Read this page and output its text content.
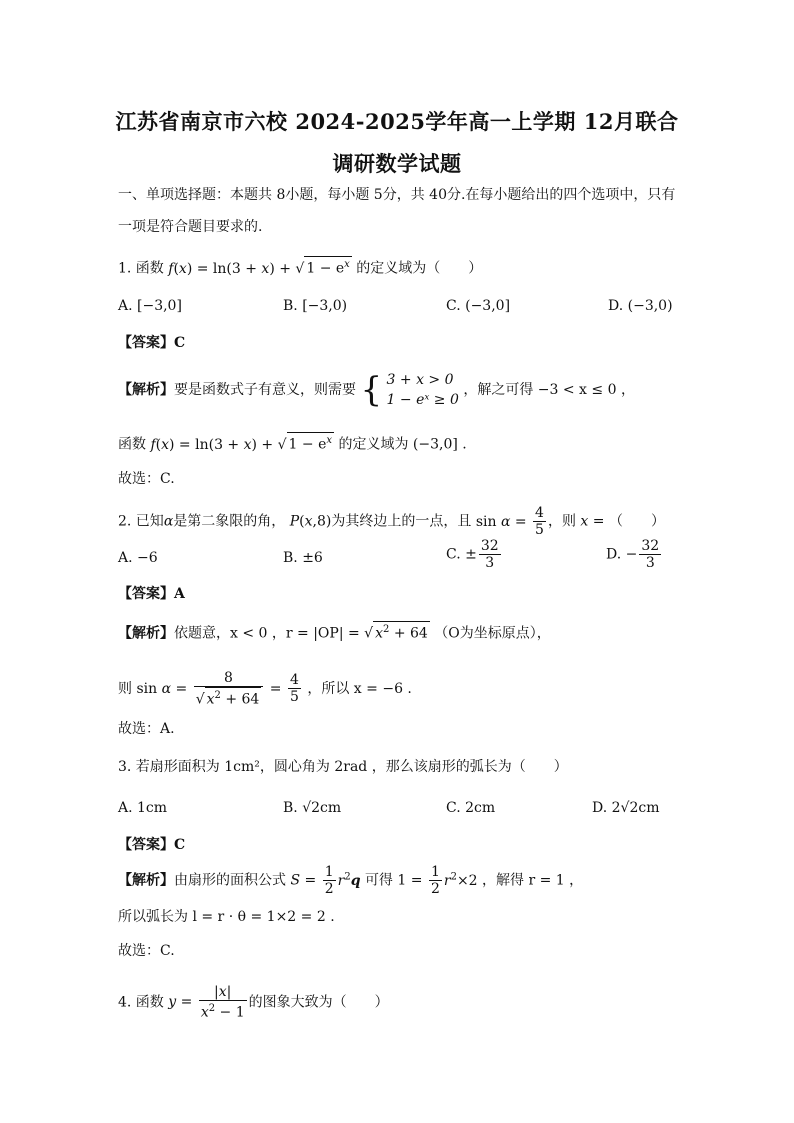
江苏省南京市六校 2024-2025学年高一上学期 12月联合
调研数学试题
一、单项选择题：本题共 8小题，每小题 5分，共 40分.在每小题给出的四个选项中，只有
一项是符合题目要求的.
1. 函数 f(x) = ln(3 + x) + √ $1 - e^x$ 的定义域为（　　）
A. [−3,0]	B. [−3,0)	C. (−3,0]	D. (−3,0)
【答案】C
【解析】要是函数式子有意义，则需要 { 3 + x > 0
1 − eˣ ≥ 0
，解之可得 −3 < x ≤ 0 ，
函数 f(x) = ln(3 + x) + √ $1 - e^x$ 的定义域为 (−3,0] .
故选：C.
2. 已知α是第二象限的角， P(x,8)为其终边上的一点，且 $\sin \alpha = \frac{4}{5}$ ，则 x = （　　）
A. −6	B. ±6	C. ± $\frac{32}{3}$	D. − $\frac{32}{3}$
【答案】A
【解析】依题意，x < 0 ，r = |OP| = √ $x^2 + 64$ （O为坐标原点），
则 $\sin \alpha = \frac{8}{√ x^2 + 64} = \frac{4}{5}$ ，所以 x = −6 .
故选：A.
3. 若扇形面积为 1cm²，圆心角为 2rad ，那么该扇形的弧长为（　　）
A. 1cm	B. √2cm	C. 2cm	D. 2√2cm
【答案】C
【解析】由扇形的面积公式 $S = \frac{1}{2} r^2q$ 可得 $1 = \frac{1}{2} r^2\times 2$ ，解得 r = 1 ，
所以弧长为 l = r · θ = 1×2 = 2 .
故选：C.
4. 函数 $y = \frac{|x|}{x^2 - 1}$ 的图象大致为（　　）
